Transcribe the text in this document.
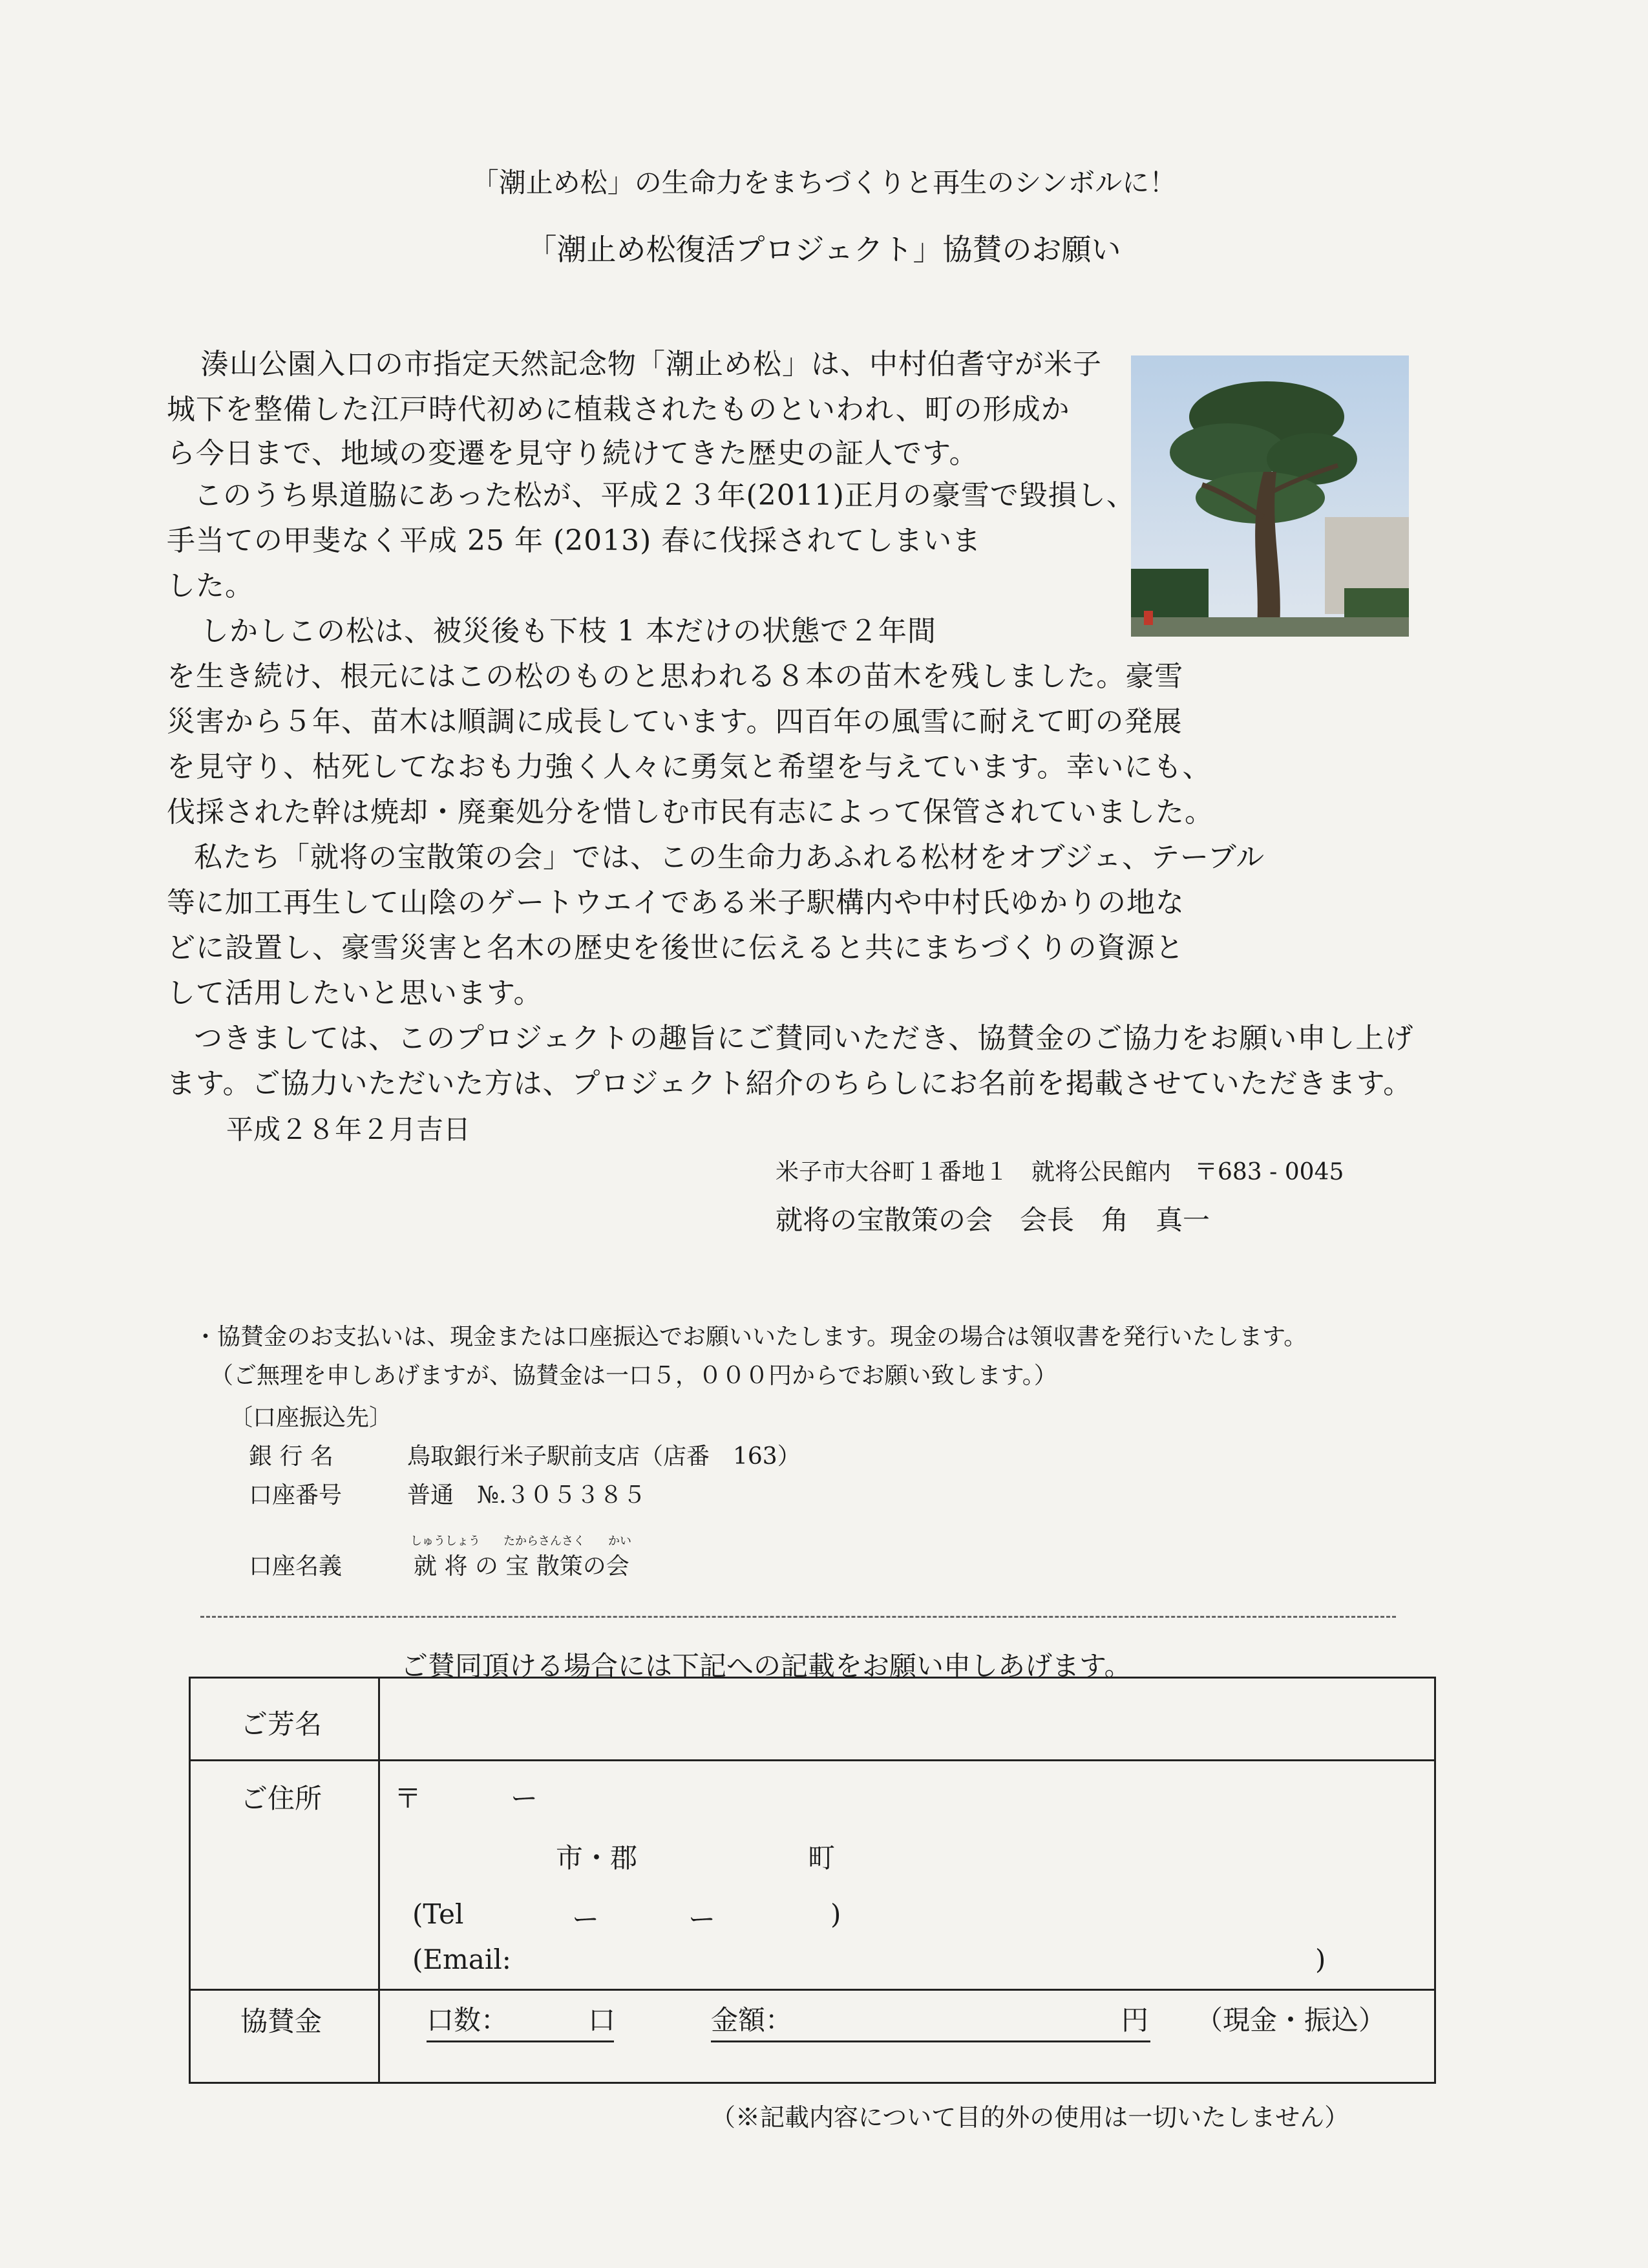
「潮止め松」の生命力をまちづくりと再生のシンボルに！
「潮止め松復活プロジェクト」協賛のお願い
湊山公園入口の市指定天然記念物「潮止め松」は、中村伯耆守が米子
城下を整備した江戸時代初めに植栽されたものといわれ、町の形成か
ら今日まで、地域の変遷を見守り続けてきた歴史の証人です。
このうち県道脇にあった松が、平成２３年(2011)正月の豪雪で毀損し、
手当ての甲斐なく平成 25 年 (2013) 春に伐採されてしまいま
した。
しかしこの松は、被災後も下枝 1 本だけの状態で２年間
を生き続け、根元にはこの松のものと思われる８本の苗木を残しました。豪雪
災害から５年、苗木は順調に成長しています。四百年の風雪に耐えて町の発展
を見守り、枯死してなおも力強く人々に勇気と希望を与えています。幸いにも、
伐採された幹は焼却・廃棄処分を惜しむ市民有志によって保管されていました。
私たち「就将の宝散策の会」では、この生命力あふれる松材をオブジェ、テーブル
等に加工再生して山陰のゲートウエイである米子駅構内や中村氏ゆかりの地な
どに設置し、豪雪災害と名木の歴史を後世に伝えると共にまちづくりの資源と
して活用したいと思います。
つきましては、このプロジェクトの趣旨にご賛同いただき、協賛金のご協力をお願い申し上げ
ます。ご協力いただいた方は、プロジェクト紹介のちらしにお名前を掲載させていただきます。
平成２８年２月吉日
米子市大谷町１番地１　就将公民館内　〒683 - 0045
就将の宝散策の会　会長　角　真一
・協賛金のお支払いは、現金または口座振込でお願いいたします。現金の場合は領収書を発行いたします。
（ご無理を申しあげますが、協賛金は一口５，０００円からでお願い致します。）
〔口座振込先〕
銀 行 名	鳥取銀行米子駅前支店（店番　163）
口座番号	普通　№.３０５３８５
しゅうしょう　　たからさんさく　　かい
口座名義	就 将 の 宝 散策の会
ご賛同頂ける場合には下記への記載をお願い申しあげます。
ご芳名
ご住所	〒	ー
市・郡	町
(Tel	ー	ー	)
(Email:	)
協賛金	口数：	口	金額：	円 （現金・振込）
（※記載内容について目的外の使用は一切いたしません）
